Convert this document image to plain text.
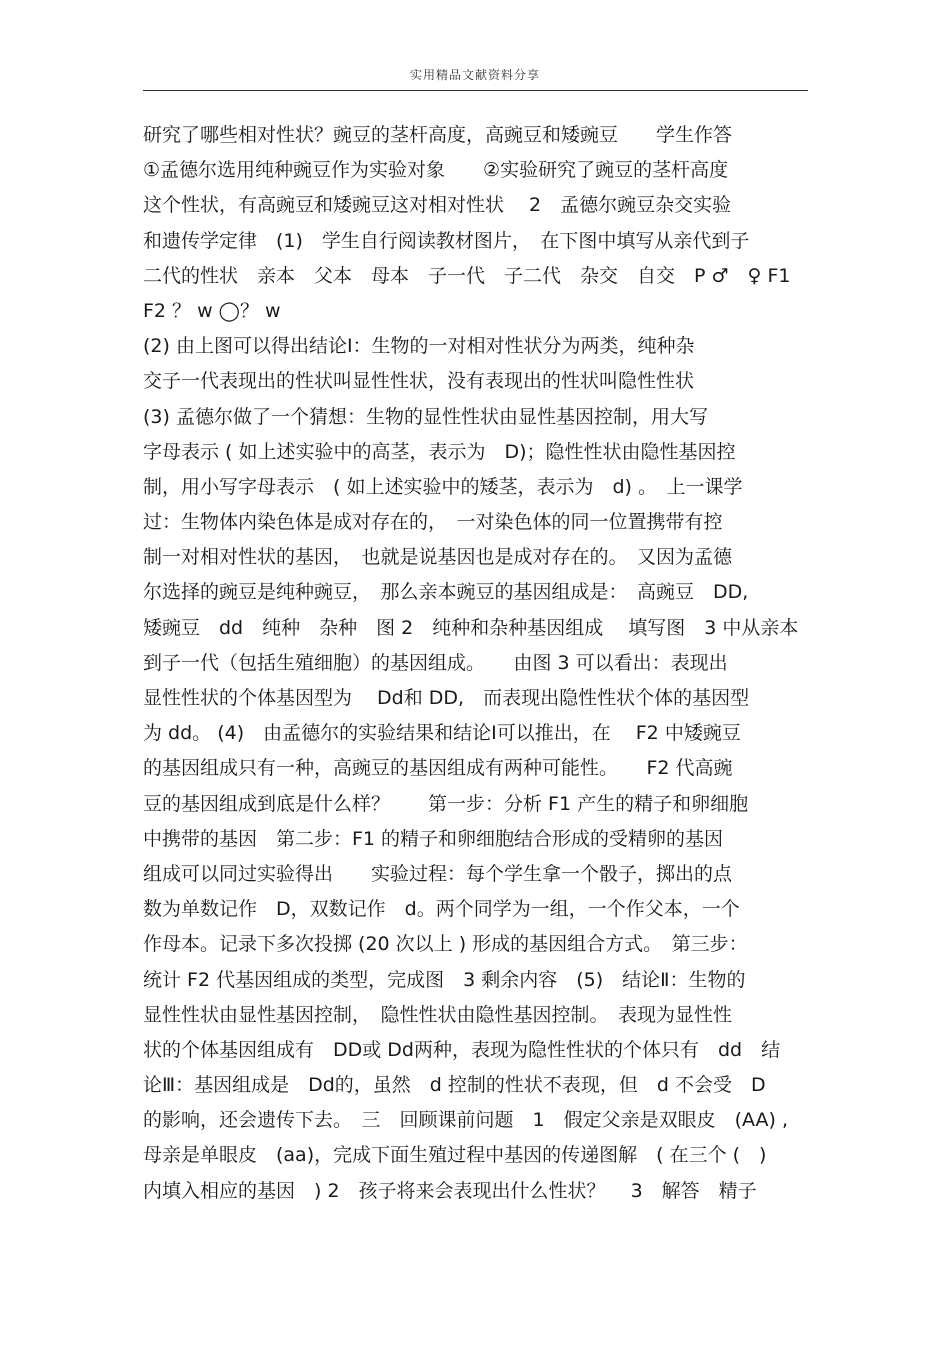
实用精品文献资料分享
研究了哪些相对性状？豌豆的茎杆高度，高豌豆和矮豌豆　　学生作答
①孟德尔选用纯种豌豆作为实验对象　　②实验研究了豌豆的茎杆高度
这个性状，有高豌豆和矮豌豆这对相对性状　 2　孟德尔豌豆杂交实验
和遗传学定律　(1)　学生自行阅读教材图片，　在下图中填写从亲代到子
二代的性状　亲本　父本　母本　子一代　子二代　杂交　自交　P ♂　♀ F1
F2 ？ w ◯？ w
(2) 由上图可以得出结论Ⅰ：生物的一对相对性状分为两类，纯种杂
交子一代表现出的性状叫显性性状，没有表现出的性状叫隐性性状
(3) 孟德尔做了一个猜想：生物的显性性状由显性基因控制，用大写
字母表示 ( 如上述实验中的高茎，表示为　D)；隐性性状由隐性基因控
制，用小写字母表示　( 如上述实验中的矮茎，表示为　d) 。　上一课学
过：生物体内染色体是成对存在的，　一对染色体的同一位置携带有控
制一对相对性状的基因，　也就是说基因也是成对存在的。　又因为孟德
尔选择的豌豆是纯种豌豆，　那么亲本豌豆的基因组成是：　高豌豆　DD,
矮豌豆　dd　纯种　杂种　图 2　纯种和杂种基因组成　 填写图　3 中从亲本
到子一代（包括生殖细胞）的基因组成。　　由图 3 可以看出：表现出
显性性状的个体基因型为　 Dd和 DD,　而表现出隐性性状个体的基因型
为 dd。 (4)　由孟德尔的实验结果和结论Ⅰ可以推出，在　 F2 中矮豌豆
的基因组成只有一种，高豌豆的基因组成有两种可能性。　　F2 代高豌
豆的基因组成到底是什么样？　　第一步：分析 F1 产生的精子和卵细胞
中携带的基因　第二步：F1 的精子和卵细胞结合形成的受精卵的基因
组成可以同过实验得出　　实验过程：每个学生拿一个骰子，掷出的点
数为单数记作　D，双数记作　d。两个同学为一组，一个作父本，一个
作母本。记录下多次投掷 (20 次以上 ) 形成的基因组合方式。　第三步：
统计 F2 代基因组成的类型，完成图　3 剩余内容　(5)　结论Ⅱ：生物的
显性性状由显性基因控制，　隐性性状由隐性基因控制。　表现为显性性
状的个体基因组成有　DD或 Dd两种，表现为隐性性状的个体只有　dd　结
论Ⅲ：基因组成是　Dd的，虽然　d 控制的性状不表现，但　d 不会受　D
的影响，还会遗传下去。　三　回顾课前问题　1　假定父亲是双眼皮　(AA) ,
母亲是单眼皮　(aa)，完成下面生殖过程中基因的传递图解　( 在三个 (　)
内填入相应的基因　) 2　孩子将来会表现出什么性状？　 3　解答　精子
